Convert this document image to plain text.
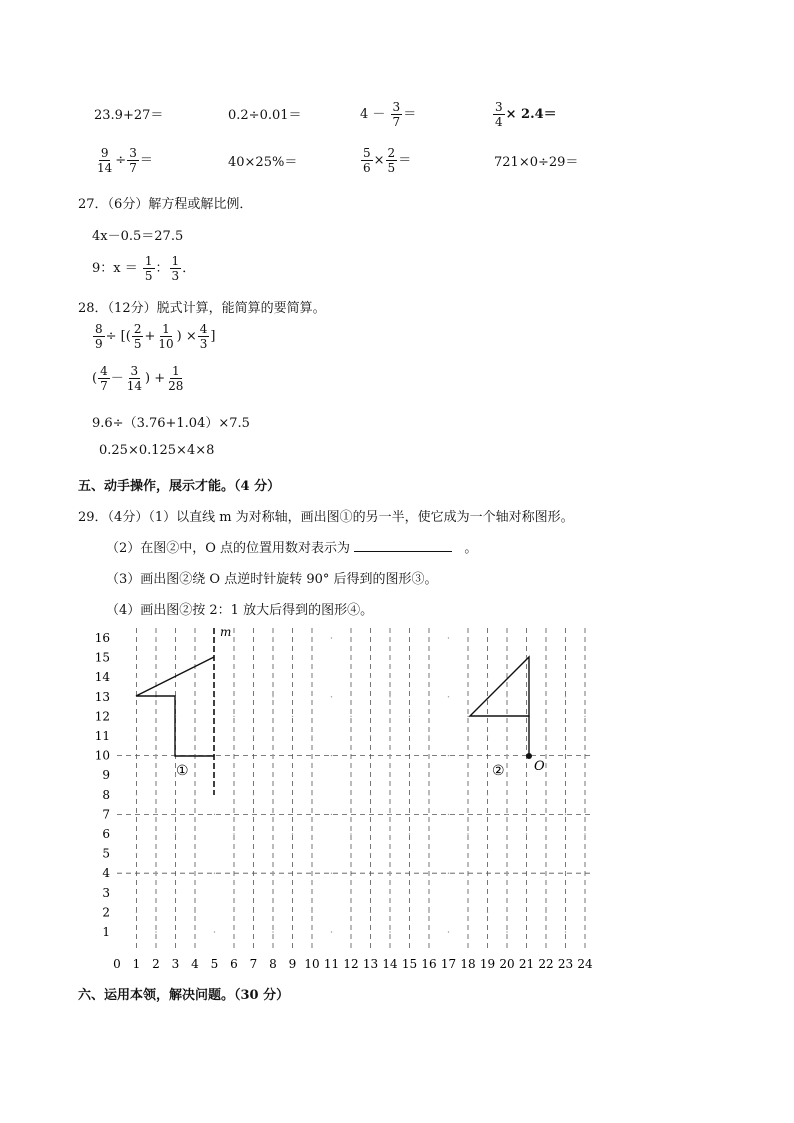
23.9+27＝	0.2÷0.01＝	$4 - \frac{3}{7}$ ＝	$\frac{3}{4} \times 2.4=$
$\frac{9}{14} \div \frac{3}{7}$ ＝	40×25%＝	$\frac{5}{6} \times \frac{2}{5}$ ＝	721×0÷29＝
27．（6分）解方程或解比例．
4x－0.5＝27.5
9：$x = \frac{1}{5}$ ： $\frac{1}{3}$ ．
28．（12分）脱式计算，能简算的要简算。
$\frac{8}{9}$ ÷ [( $\frac{2}{5} + \frac{1}{10}$ ) × $\frac{4}{3}$ ]
( $\frac{4}{7} - \frac{3}{14}$ ) + $\frac{1}{28}$
9.6÷（3.76+1.04）×7.5
0.25×0.125×4×8
五、动手操作，展示才能。（4 分）
29．（4分）（1）以直线 m 为对称轴，画出图①的另一半，使它成为一个轴对称图形。
（2）在图②中，O 点的位置用数对表示为	。
（3）画出图②绕 O 点逆时针旋转 90° 后得到的图形③。
（4）画出图②按 2：1 放大后得到的图形④。
0 1 2 3 4 5 6 7 8 9 10 11 12 13 14 15 16 17 18 19 20 21 22 23 24
1
2
3
4
5
6
7
8
9
10
11
12
13
14
15
16	m
①	② O
六、运用本领，解决问题。（30 分）
